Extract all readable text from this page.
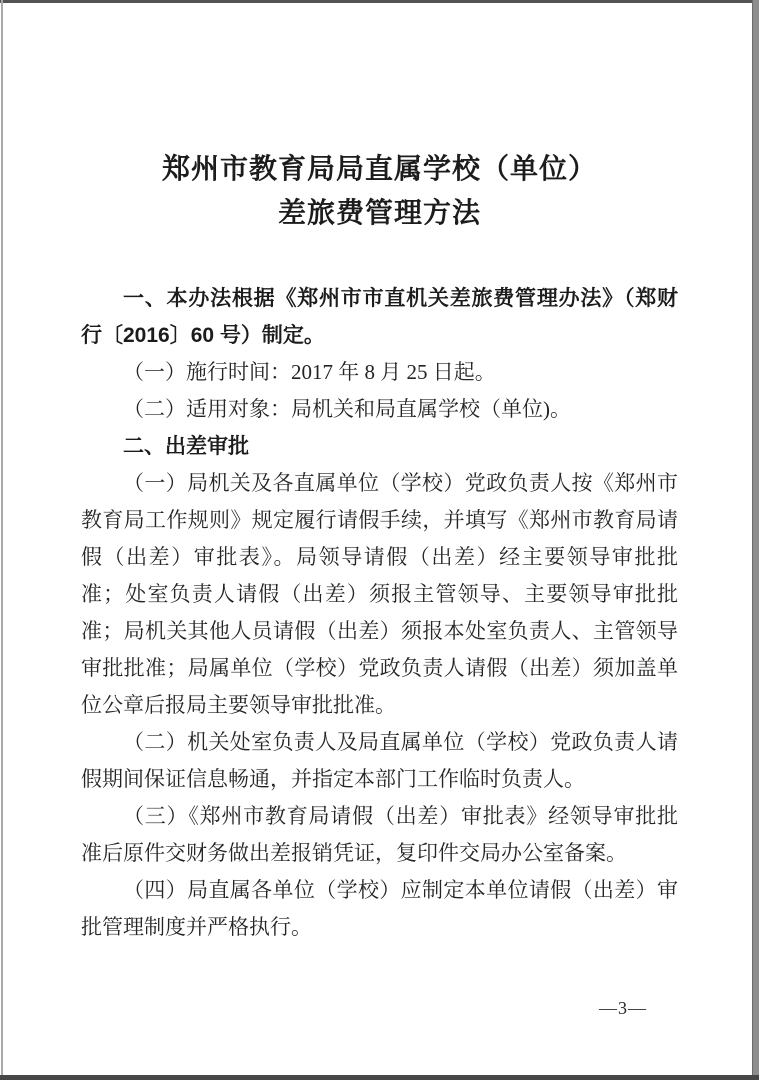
郑州市教育局局直属学校（单位）
差旅费管理方法

一、本办法根据《郑州市市直机关差旅费管理办法》（郑财行〔2016〕60 号）制定。

（一）施行时间：2017 年 8 月 25 日起。

（二）适用对象：局机关和局直属学校（单位)。

二、出差审批

（一）局机关及各直属单位（学校）党政负责人按《郑州市教育局工作规则》规定履行请假手续，并填写《郑州市教育局请假（出差）审批表》。局领导请假（出差）经主要领导审批批准；处室负责人请假（出差）须报主管领导、主要领导审批批准；局机关其他人员请假（出差）须报本处室负责人、主管领导审批批准；局属单位（学校）党政负责人请假（出差）须加盖单位公章后报局主要领导审批批准。

（二）机关处室负责人及局直属单位（学校）党政负责人请假期间保证信息畅通，并指定本部门工作临时负责人。

（三）《郑州市教育局请假（出差）审批表》经领导审批批准后原件交财务做出差报销凭证，复印件交局办公室备案。

（四）局直属各单位（学校）应制定本单位请假（出差）审批管理制度并严格执行。

—3—
